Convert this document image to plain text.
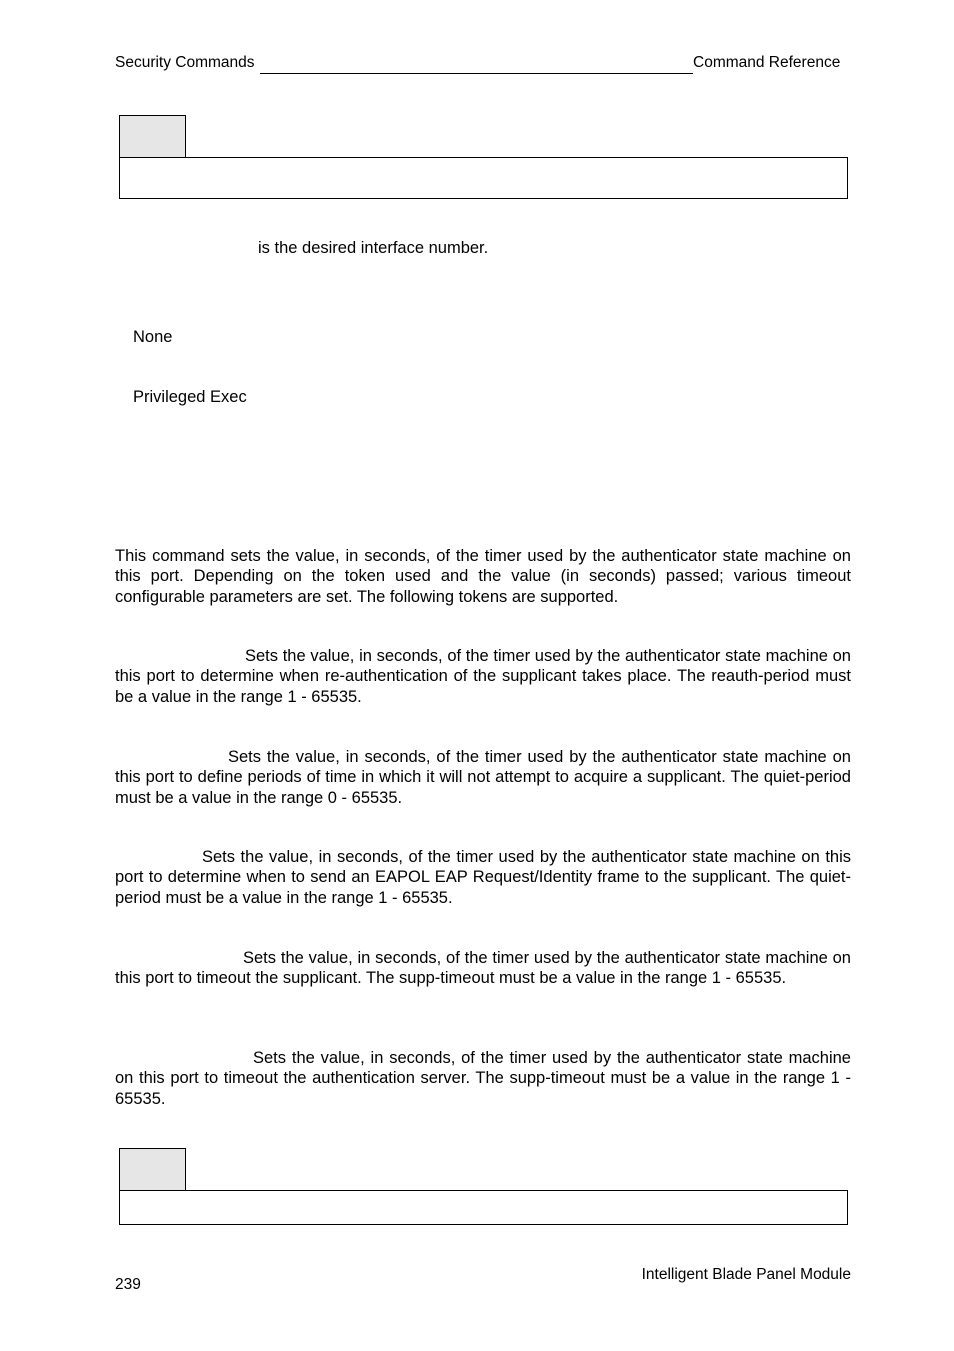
Security Commands	Command Reference
is the desired interface number.
None
Privileged Exec
This command sets the value, in seconds, of the timer used by the authenticator state machine on this port. Depending on the token used and the value (in seconds) passed; various timeout configurable parameters are set. The following tokens are supported.
Sets the value, in seconds, of the timer used by the authenticator state machine on this port to determine when re-authentication of the supplicant takes place. The reauth-period must be a value in the range 1 - 65535.
Sets the value, in seconds, of the timer used by the authenticator state machine on this port to define periods of time in which it will not attempt to acquire a supplicant. The quiet-period must be a value in the range 0 - 65535.
Sets the value, in seconds, of the timer used by the authenticator state machine on this port to determine when to send an EAPOL EAP Request/Identity frame to the supplicant. The quiet-period must be a value in the range 1 - 65535.
Sets the value, in seconds, of the timer used by the authenticator state machine on this port to timeout the supplicant. The supp-timeout must be a value in the range 1 - 65535.
Sets the value, in seconds, of the timer used by the authenticator state machine on this port to timeout the authentication server. The supp-timeout must be a value in the range 1 - 65535.
239
Intelligent Blade Panel Module
